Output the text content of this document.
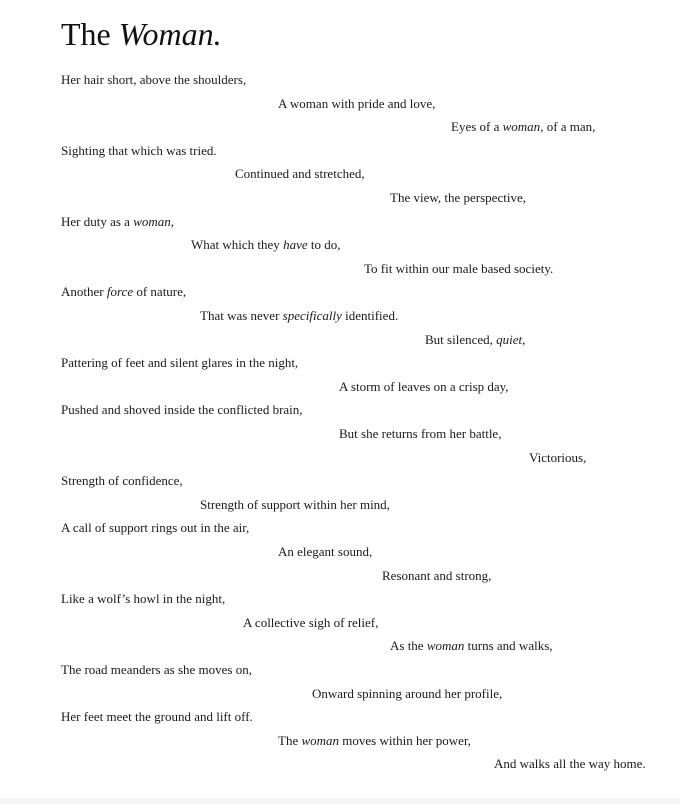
The Woman.

Her hair short, above the shoulders,

A woman with pride and love,

Eyes of a woman, of a man,

Sighting that which was tried.

Continued and stretched,

The view, the perspective,

Her duty as a woman,

What which they have to do,

To fit within our male based society.

Another force of nature,

That was never specifically identified.

But silenced, quiet,

Pattering of feet and silent glares in the night,

A storm of leaves on a crisp day,

Pushed and shoved inside the conflicted brain,

But she returns from her battle,

Victorious,

Strength of confidence,

Strength of support within her mind,

A call of support rings out in the air,

An elegant sound,

Resonant and strong,

Like a wolf’s howl in the night,

A collective sigh of relief,

As the woman turns and walks,

The road meanders as she moves on,

Onward spinning around her profile,

Her feet meet the ground and lift off.

The woman moves within her power,

And walks all the way home.
